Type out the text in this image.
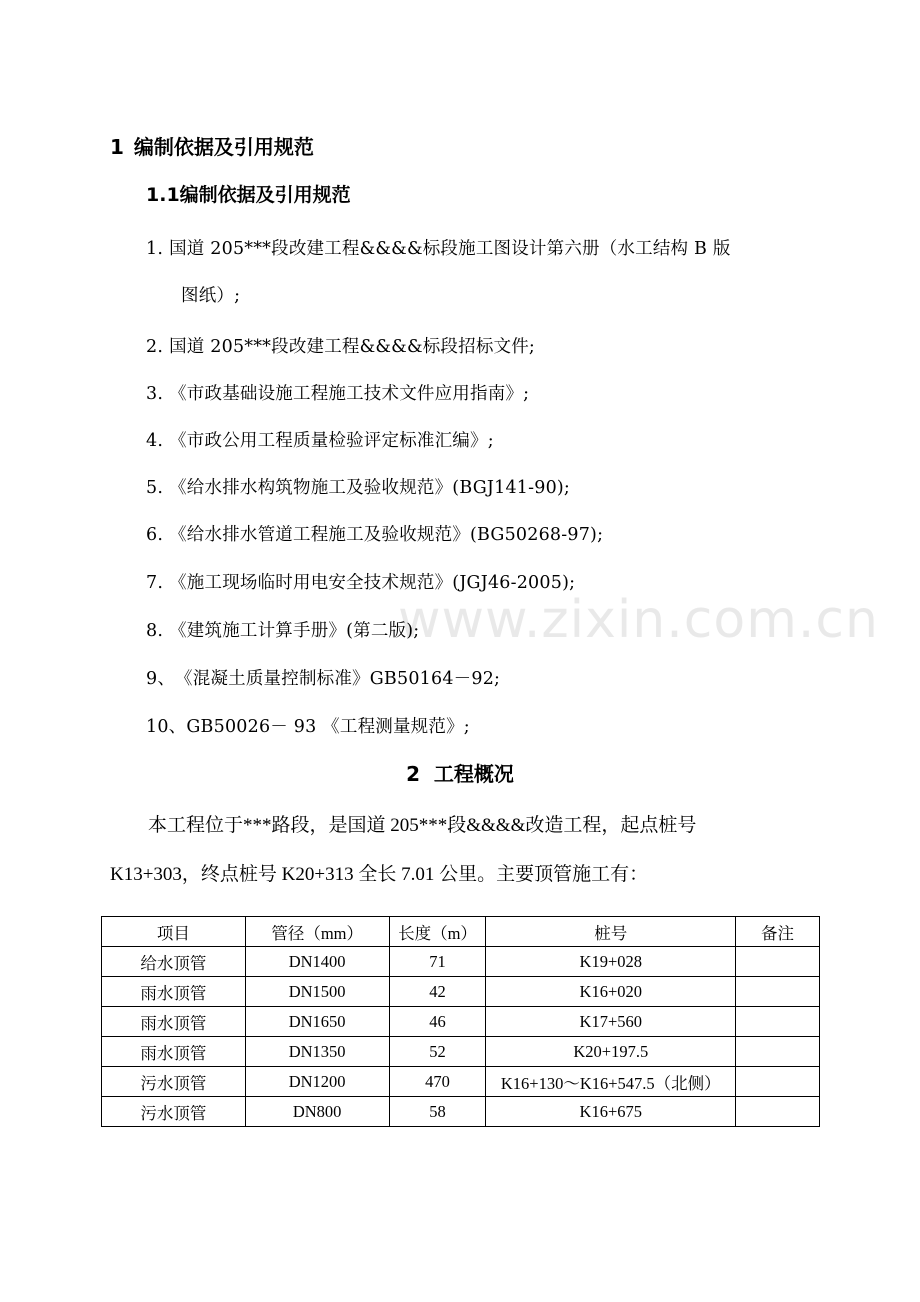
www.zixin.com.cn
1 编制依据及引用规范
1.1编制依据及引用规范
1. 国道 205***段改建工程&&&&标段施工图设计第六册（水工结构 B 版
图纸）;
2. 国道 205***段改建工程&&&&标段招标文件;
3. 《市政基础设施工程施工技术文件应用指南》;
4. 《市政公用工程质量检验评定标准汇编》;
5. 《给水排水构筑物施工及验收规范》(BGJ141-90);
6. 《给水排水管道工程施工及验收规范》(BG50268-97);
7. 《施工现场临时用电安全技术规范》(JGJ46-2005);
8. 《建筑施工计算手册》(第二版);
9、《混凝土质量控制标准》GB50164－92;
10、GB50026－ 93 《工程测量规范》;
2 工程概况
本工程位于***路段，是国道 205***段&&&&改造工程，起点桩号
K13+303，终点桩号 K20+313 全长 7.01 公里。主要顶管施工有：
项目	管径（mm）	长度（m）	桩号	备注
给水顶管	DN1400	71	K19+028	
雨水顶管	DN1500	42	K16+020	
雨水顶管	DN1650	46	K17+560	
雨水顶管	DN1350	52	K20+197.5	
污水顶管	DN1200	470	K16+130～K16+547.5（北侧）	
污水顶管	DN800	58	K16+675	
